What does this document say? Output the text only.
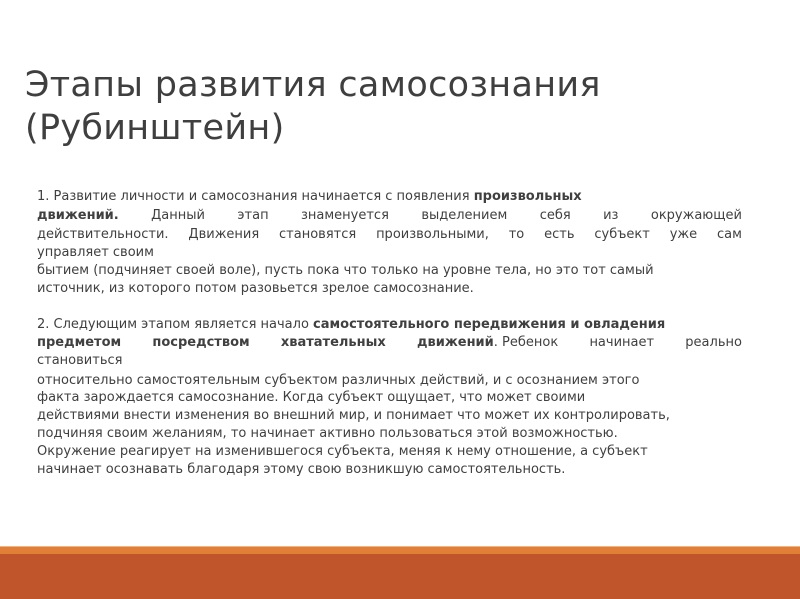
Этапы развития самосознания
(Рубинштейн)
1. Развитие личности и самосознания начинается с появления произвольных
движений. Данный этап знаменуется выделением себя из окружающей
действительности. Движения становятся произвольными, то есть субъект уже сам
управляет своим
бытием (подчиняет своей воле), пусть пока что только на уровне тела, но это тот самый
источник, из которого потом разовьется зрелое самосознание.
2. Следующим этапом является начало самостоятельного передвижения и овладения
предметом посредством хватательных движений . Ребенок начинает реально
становиться
относительно самостоятельным субъектом различных действий, и с осознанием этого
факта зарождается самосознание. Когда субъект ощущает, что может своими
действиями внести изменения во внешний мир, и понимает что может их контролировать,
подчиняя своим желаниям, то начинает активно пользоваться этой возможностью.
Окружение реагирует на изменившегося субъекта, меняя к нему отношение, а субъект
начинает осознавать благодаря этому свою возникшую самостоятельность.
